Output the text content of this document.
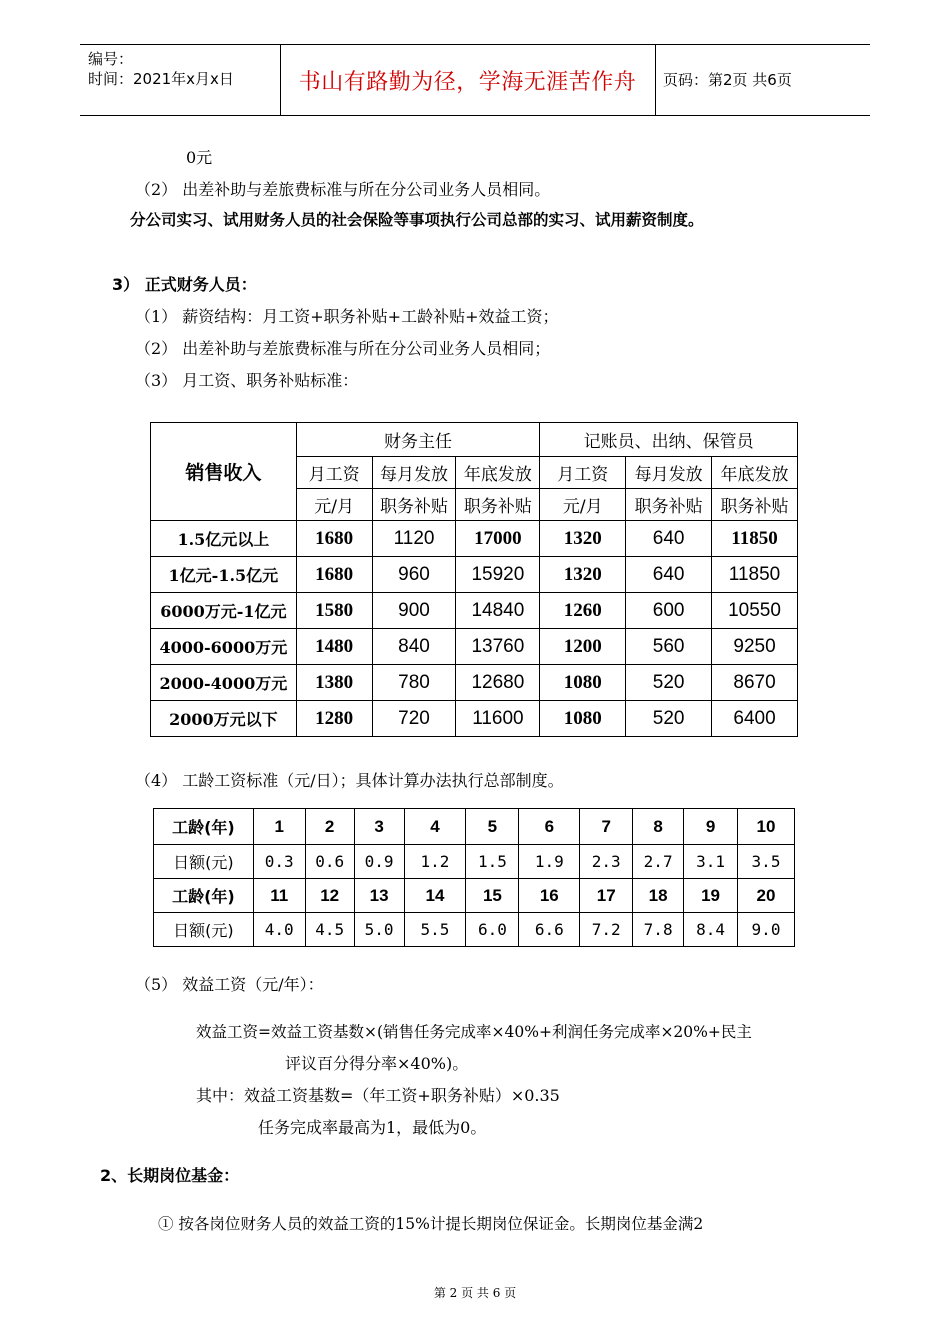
编号：
时间：2021年x月x日	书山有路勤为径，学海无涯苦作舟	页码：第2页 共6页
0元
（2） 出差补助与差旅费标准与所在分公司业务人员相同。
分公司实习、试用财务人员的社会保险等事项执行公司总部的实习、试用薪资制度。
3） 正式财务人员：
（1） 薪资结构：月工资+职务补贴+工龄补贴+效益工资；
（2） 出差补助与差旅费标准与所在分公司业务人员相同；
（3） 月工资、职务补贴标准：
销售收入	财务主任			记账员、出纳、保管员		
	月工资	每月发放	年底发放	月工资	每月发放	年底发放
	元/月	职务补贴	职务补贴	元/月	职务补贴	职务补贴
1.5亿元以上	1680	1120	17000	1320	640	11850
1亿元-1.5亿元	1680	960	15920	1320	640	11850
6000万元-1亿元	1580	900	14840	1260	600	10550
4000-6000万元	1480	840	13760	1200	560	9250
2000-4000万元	1380	780	12680	1080	520	8670
2000万元以下	1280	720	11600	1080	520	6400
（4） 工龄工资标准（元/日）；具体计算办法执行总部制度。
工龄(年)	1	2	3	4	5	6	7	8	9	10
日额(元)	0.3	0.6	0.9	1.2	1.5	1.9	2.3	2.7	3.1	3.5
工龄(年)	11	12	13	14	15	16	17	18	19	20
日额(元)	4.0	4.5	5.0	5.5	6.0	6.6	7.2	7.8	8.4	9.0
（5） 效益工资（元/年）：
效益工资=效益工资基数×(销售任务完成率×40%+利润任务完成率×20%+民主
评议百分得分率×40%)。
其中：效益工资基数=（年工资+职务补贴）×0.35
任务完成率最高为1，最低为0。
2、长期岗位基金：
① 按各岗位财务人员的效益工资的15%计提长期岗位保证金。长期岗位基金满2
第 2 页 共 6 页
